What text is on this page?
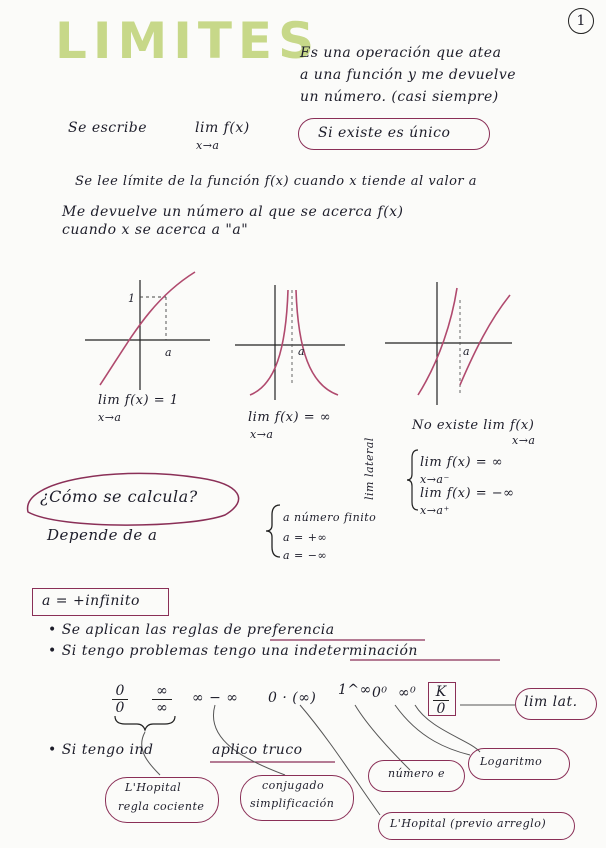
LIMITES	1
Es una operación que atea
a una función y me devuelve
un número. (casi siempre)
Se escribe	lim f(x)
x→a
Si existe es único
Se lee límite de la función f(x) cuando x tiende al valor a
Me devuelve un número al que se acerca f(x)
cuando x se acerca a "a"
1
a
lim f(x) = 1
x→a
a
lim f(x) = ∞
x→a
a
No existe lim f(x)
x→a
lim lateral	lim f(x) = ∞
x→a⁻
lim f(x) = −∞
x→a⁺
¿Cómo se calcula?
Depende de a
a número finito
a = +∞
a = −∞
a = +infinito
• Se aplican las reglas de preferencia
• Si tengo problemas tengo una indeterminación
0
0
∞
∞
∞ − ∞ 0 · (∞) 1^∞ 0⁰ ∞⁰ K
0	lim lat.
• Si tengo ind	aplico truco
L'Hopital
regla cociente
conjugado
simplificación
número e
Logaritmo
L'Hopital (previo arreglo)
